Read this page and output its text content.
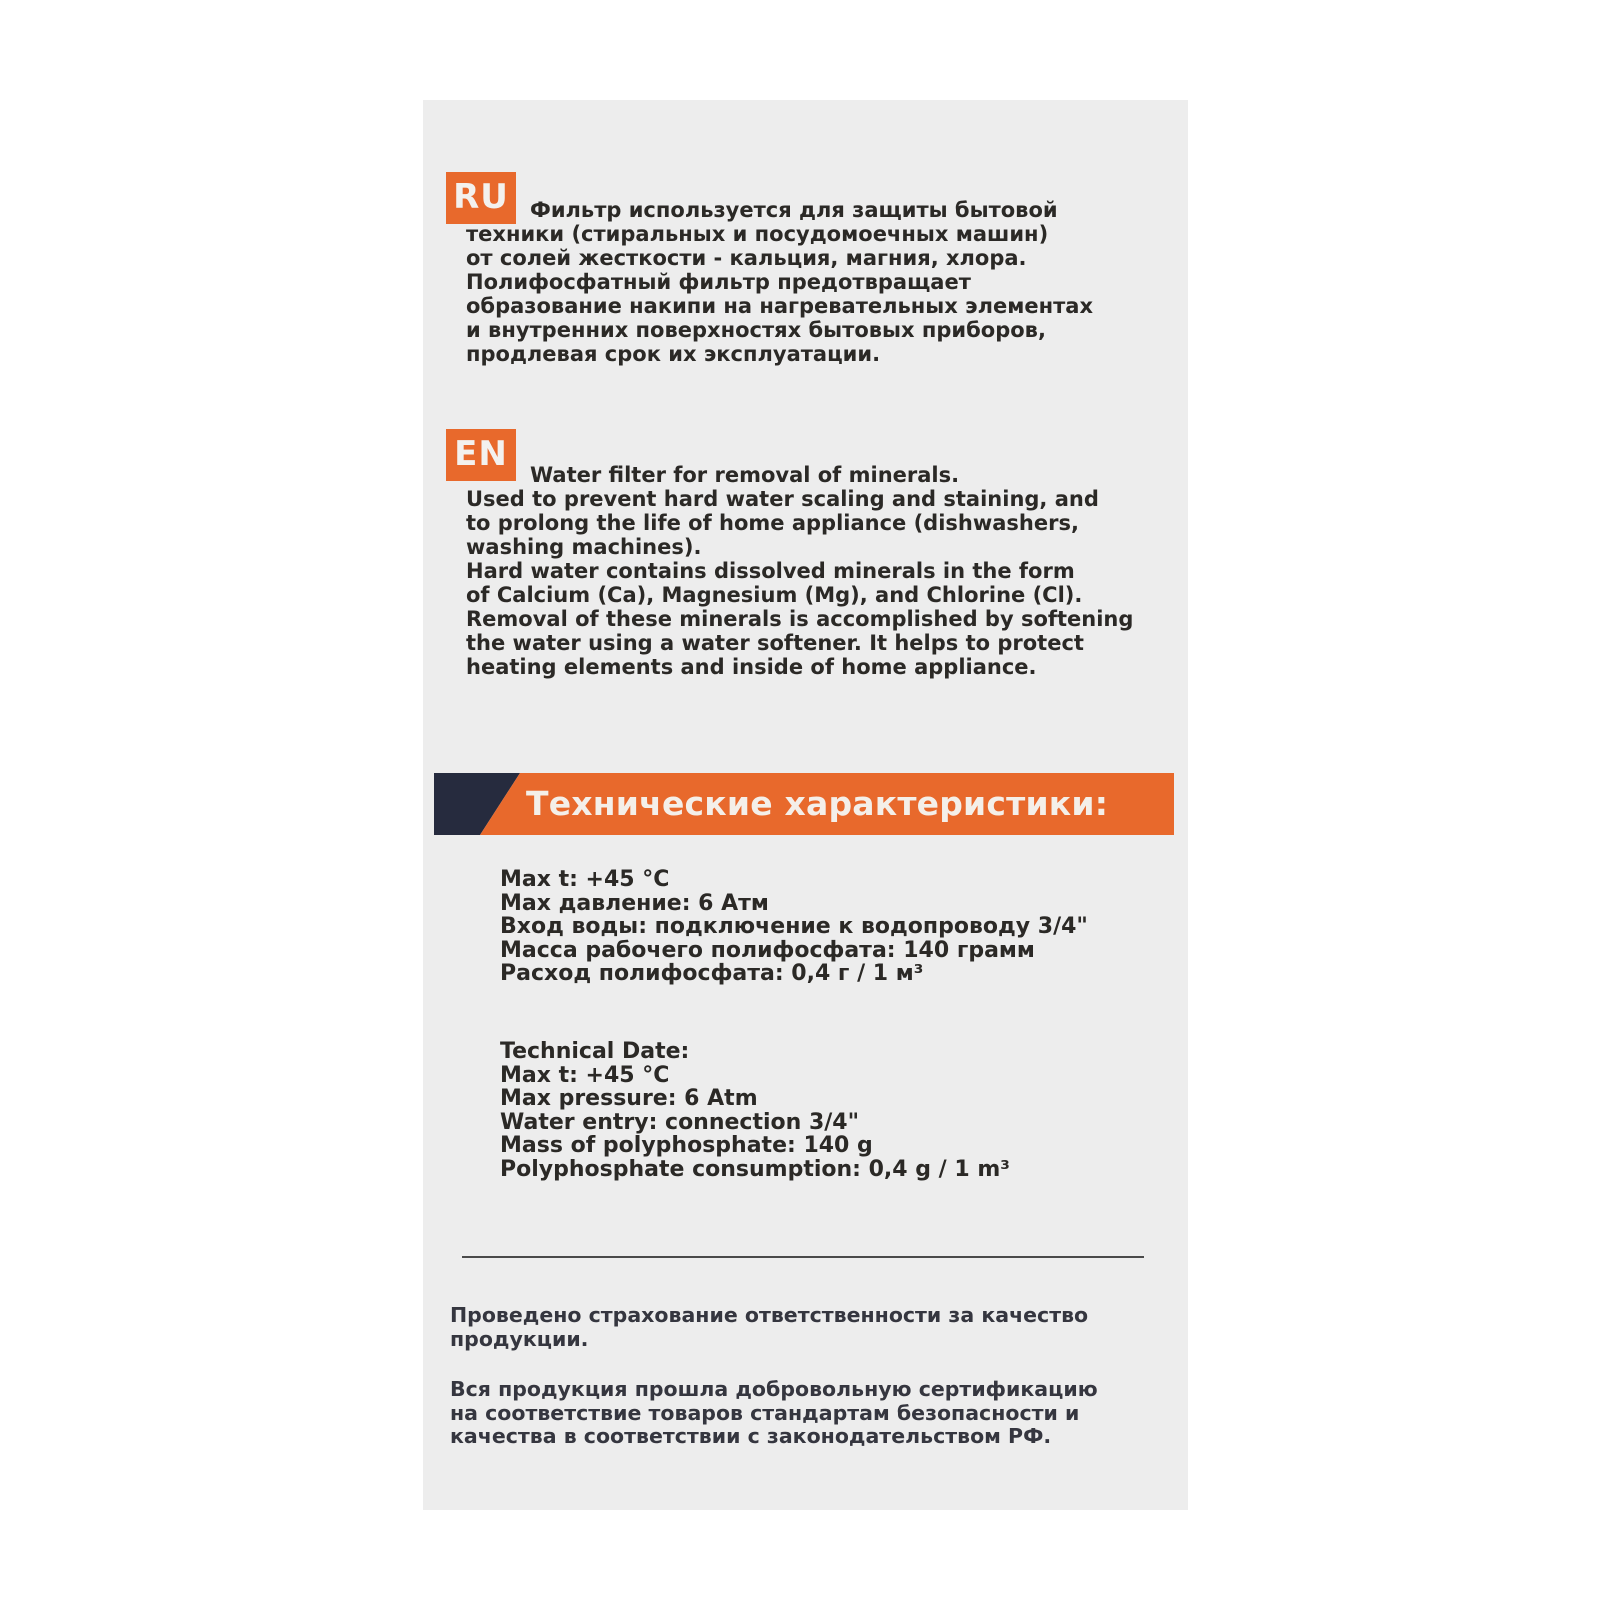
RU	Фильтр используется для защиты бытовой
техники (стиральных и посудомоечных машин)
от солей жесткости - кальция, магния, хлора.
Полифосфатный фильтр предотвращает
образование накипи на нагревательных элементах
и внутренних поверхностях бытовых приборов,
продлевая срок их эксплуатации.

EN

Water filter for removal of minerals.
Used to prevent hard water scaling and staining, and
to prolong the life of home appliance (dishwashers,
washing machines).
Hard water contains dissolved minerals in the form
of Calcium (Ca), Magnesium (Mg), and Chlorine (Cl).
Removal of these minerals is accomplished by softening
the water using a water softener. It helps to protect
heating elements and inside of home appliance.

Технические характеристики:

Max t: +45 °C
Max давление: 6 Атм
Вход воды: подключение к водопроводу 3/4"
Масса рабочего полифосфата: 140 грамм
Расход полифосфата: 0,4 г / 1 м³

Technical Date:
Max t: +45 °C
Max pressure: 6 Atm
Water entry: connection 3/4"
Mass of polyphosphate: 140 g
Polyphosphate consumption: 0,4 g / 1 m³

Проведено страхование ответственности за качество
продукции.

Вся продукция прошла добровольную сертификацию
на соответствие товаров стандартам безопасности и
качества в соответствии с законодательством РФ.
